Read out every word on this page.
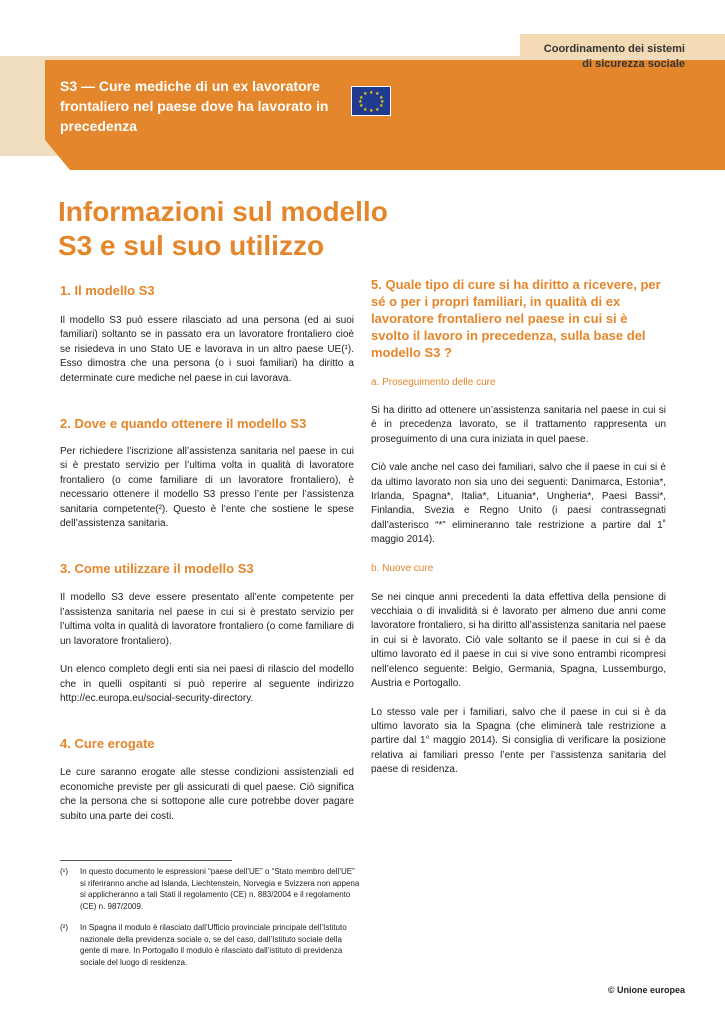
Coordinamento dei sistemi
di sicurezza sociale
S3 — Cure mediche di un ex lavoratore frontaliero nel paese dove ha lavorato in precedenza
★ ★
★
★
★
★
★
★
★
★
★
★
Informazioni sul modello
S3 e sul suo utilizzo
1. Il modello S3

Il modello S3 può essere rilasciato ad una persona (ed ai suoi familiari) soltanto se in passato era un lavoratore frontaliero cioè se risiedeva in uno Stato UE e lavorava in un altro paese UE(¹). Esso dimostra che una persona (o i suoi familiari) ha diritto a determinate cure mediche nel paese in cui lavorava.

2. Dove e quando ottenere il modello S3

Per richiedere l’iscrizione all’assistenza sanitaria nel paese in cui si è prestato servizio per l’ultima volta in qualità di lavoratore frontaliero (o come familiare di un lavoratore frontaliero), è necessario ottenere il modello S3 presso l’ente per l’assistenza sanitaria competente(²). Questo è l’ente che sostiene le spese dell’assistenza sanitaria.

3. Come utilizzare il modello S3

Il modello S3 deve essere presentato all’ente competente per l’assistenza sanitaria nel paese in cui si è prestato servizio per l’ultima volta in qualità di lavoratore frontaliero (o come familiare di un lavoratore frontaliero).

Un elenco completo degli enti sia nei paesi di rilascio del modello che in quelli ospitanti si può reperire al seguente indirizzo http://ec.europa.eu/social-security-directory.

4. Cure erogate

Le cure saranno erogate alle stesse condizioni assistenziali ed economiche previste per gli assicurati di quel paese. Ciò significa che la persona che si sottopone alle cure potrebbe dover pagare subito una parte dei costi.

5. Quale tipo di cure si ha diritto a ricevere, per sé o per i propri familiari, in qualità di ex lavoratore frontaliero nel paese in cui si è svolto il lavoro in precedenza, sulla base del modello S3 ?
a. Proseguimento delle cure

Si ha diritto ad ottenere un’assistenza sanitaria nel paese in cui si è in precedenza lavorato, se il trattamento rappresenta un proseguimento di una cura iniziata in quel paese.

Ciò vale anche nel caso dei familiari, salvo che il paese in cui si è da ultimo lavorato non sia uno dei seguenti: Danimarca, Estonia*, Irlanda, Spagna*, Italia*, Lituania*, Ungheria*, Paesi Bassi*, Finlandia, Svezia e Regno Unito (i paesi contrassegnati dall’asterisco “*” elimineranno tale restrizione a partire dal 1˚ maggio 2014).

b. Nuove cure

Se nei cinque anni precedenti la data effettiva della pensione di vecchiaia o di invalidità si è lavorato per almeno due anni come lavoratore frontaliero, si ha diritto all’assistenza sanitaria nel paese in cui si è lavorato. Ciò vale soltanto se il paese in cui si è da ultimo lavorato ed il paese in cui si vive sono entrambi ricompresi nell’elenco seguente: Belgio, Germania, Spagna, Lussemburgo, Austria e Portogallo.

Lo stesso vale per i familiari, salvo che il paese in cui si è da ultimo lavorato sia la Spagna (che eliminerà tale restrizione a partire dal 1° maggio 2014). Si consiglia di verificare la posizione relativa ai familiari presso l’ente per l’assistenza sanitaria del paese di residenza.

(¹) In questo documento le espressioni “paese dell’UE” o “Stato membro dell’UE” si riferiranno anche ad Islanda, Liechtenstein, Norvegia e Svizzera non appena si applicheranno a tali Stati il regolamento (CE) n. 883/2004 e il regolamento (CE) n. 987/2009.
(²) In Spagna il modulo è rilasciato dall’Ufficio provinciale principale dell’Istituto nazionale della previdenza sociale o, se del caso, dall’Istituto sociale della gente di mare. In Portogallo il modulo è rilasciato dall’istituto di previdenza sociale del luogo di residenza.
© Unione europea
